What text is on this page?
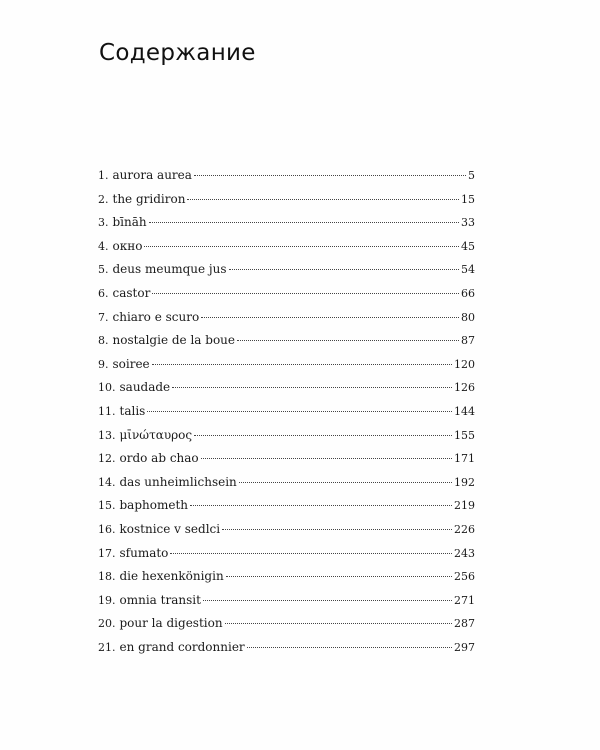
Содержание
1. aurora aurea	5
2. the gridiron	15
3. bīnāh	33
4. окно	45
5. deus meumque jus	54
6. castor	66
7. chiaro e scuro	80
8. nostalgie de la boue	87
9. soiree	120
10. saudade	126
11. talis	144
13. μῑνώταυρος	155
12. ordo ab chao	171
14. das unheimlichsein	192
15. baphometh	219
16. kostnice v sedlci	226
17. sfumato	243
18. die hexenkönigin	256
19. omnia transit	271
20. pour la digestion	287
21. en grand cordonnier	297
